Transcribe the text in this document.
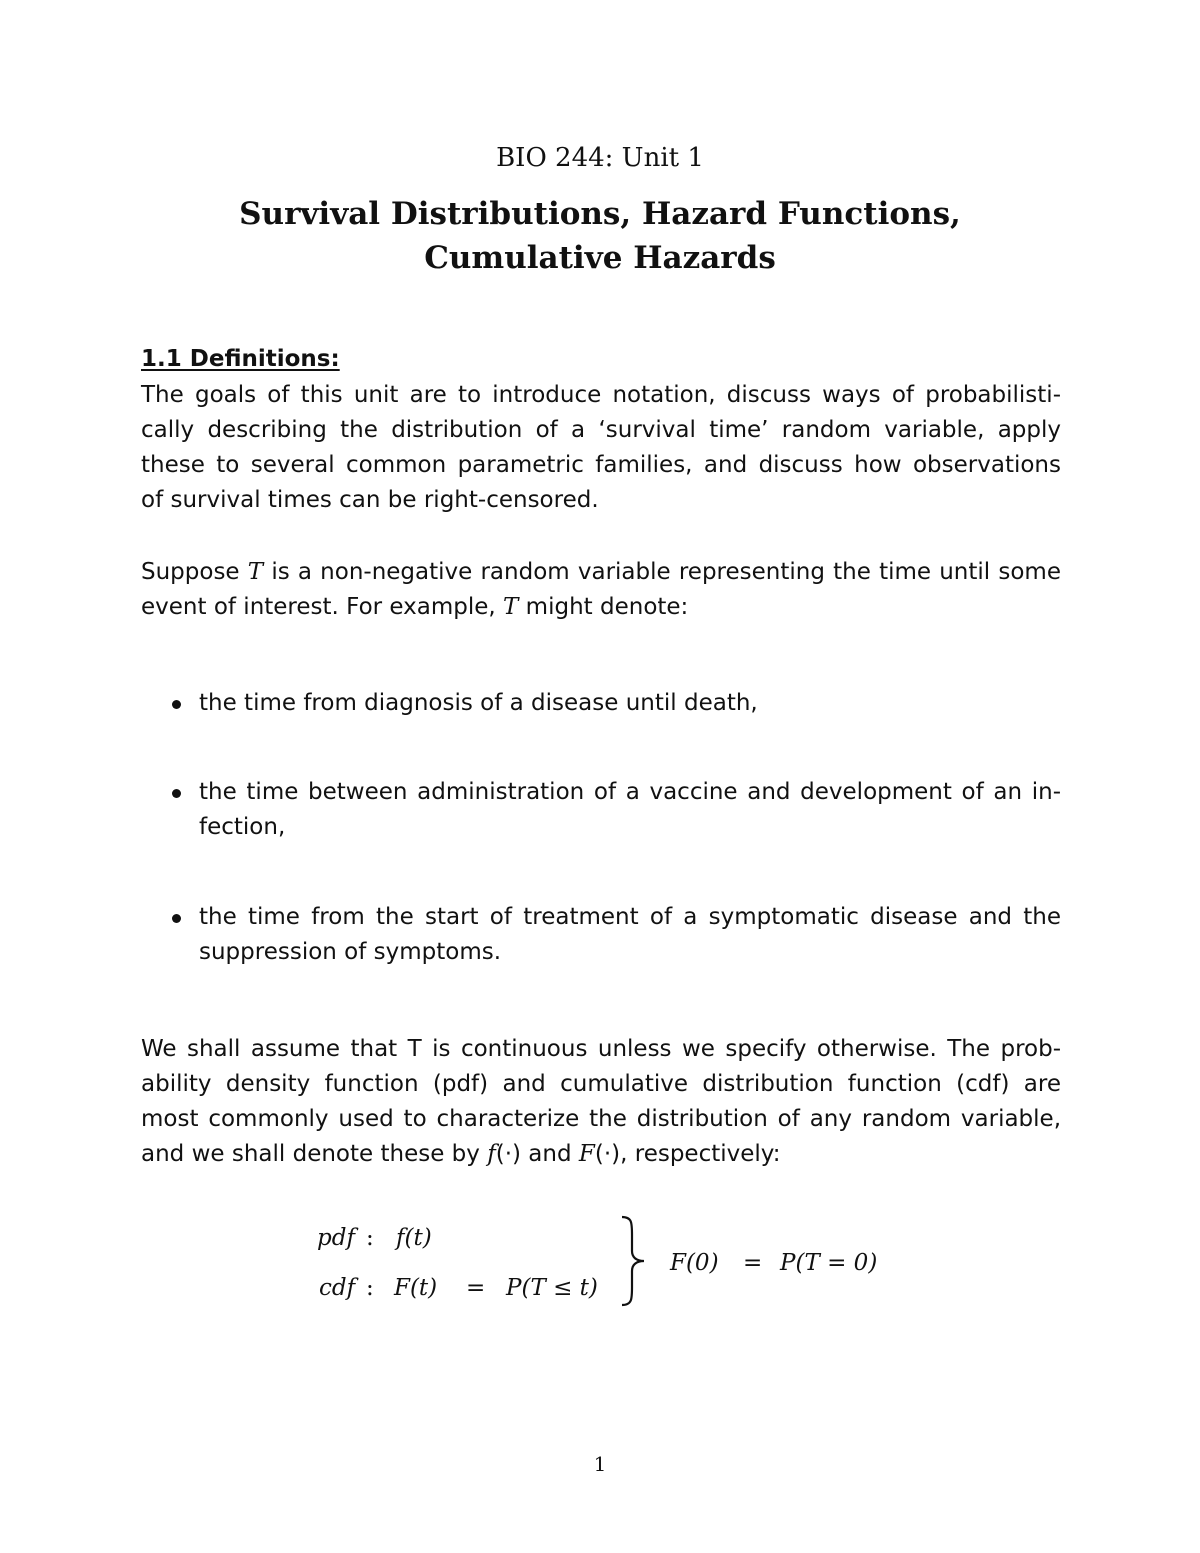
BIO 244: Unit 1
Survival Distributions, Hazard Functions, Cumulative Hazards
1.1 Definitions:
The goals of this unit are to introduce notation, discuss ways of probabilisti-
cally describing the distribution of a ‘survival time’ random variable, apply
these to several common parametric families, and discuss how observations
of survival times can be right-censored.
Suppose T is a non-negative random variable representing the time until some
event of interest. For example, T might denote:
the time from diagnosis of a disease until death,
the time between administration of a vaccine and development of an in-
fection,
the time from the start of treatment of a symptomatic disease and the
suppression of symptoms.
We shall assume that T is continuous unless we specify otherwise. The prob-
ability density function (pdf) and cumulative distribution function (cdf) are
most commonly used to characterize the distribution of any random variable,
and we shall denote these by f(·) and F(·), respectively:
pdf : f(t)
cdf : F(t) = P(T ≤ t)
F(0) = P(T = 0)
1
